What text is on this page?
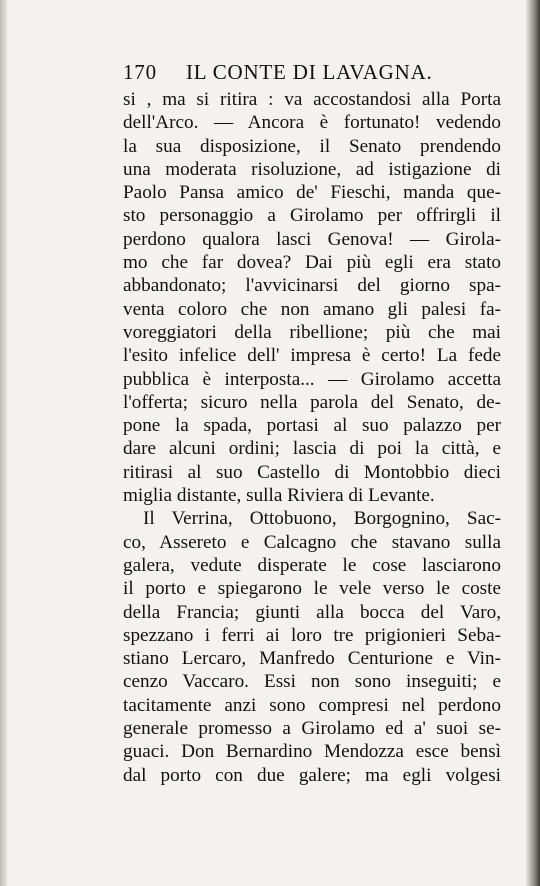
170 IL CONTE DI LAVAGNA.
si , ma si ritira : va accostandosi alla Porta
dell'Arco. — Ancora è fortunato! vedendo
la sua disposizione, il Senato prendendo
una moderata risoluzione, ad istigazione di
Paolo Pansa amico de' Fieschi, manda que-
sto personaggio a Girolamo per offrirgli il
perdono qualora lasci Genova! — Girola-
mo che far dovea? Dai più egli era stato
abbandonato; l'avvicinarsi del giorno spa-
venta coloro che non amano gli palesi fa-
voreggiatori della ribellione; più che mai
l'esito infelice dell' impresa è certo! La fede
pubblica è interposta... — Girolamo accetta
l'offerta; sicuro nella parola del Senato, de-
pone la spada, portasi al suo palazzo per
dare alcuni ordini; lascia di poi la città, e
ritirasi al suo Castello di Montobbio dieci
miglia distante, sulla Riviera di Levante.
Il Verrina, Ottobuono, Borgognino, Sac-
co, Assereto e Calcagno che stavano sulla
galera, vedute disperate le cose lasciarono
il porto e spiegarono le vele verso le coste
della Francia; giunti alla bocca del Varo,
spezzano i ferri ai loro tre prigionieri Seba-
stiano Lercaro, Manfredo Centurione e Vin-
cenzo Vaccaro. Essi non sono inseguiti; e
tacitamente anzi sono compresi nel perdono
generale promesso a Girolamo ed a' suoi se-
guaci. Don Bernardino Mendozza esce bensì
dal porto con due galere; ma egli volgesi
